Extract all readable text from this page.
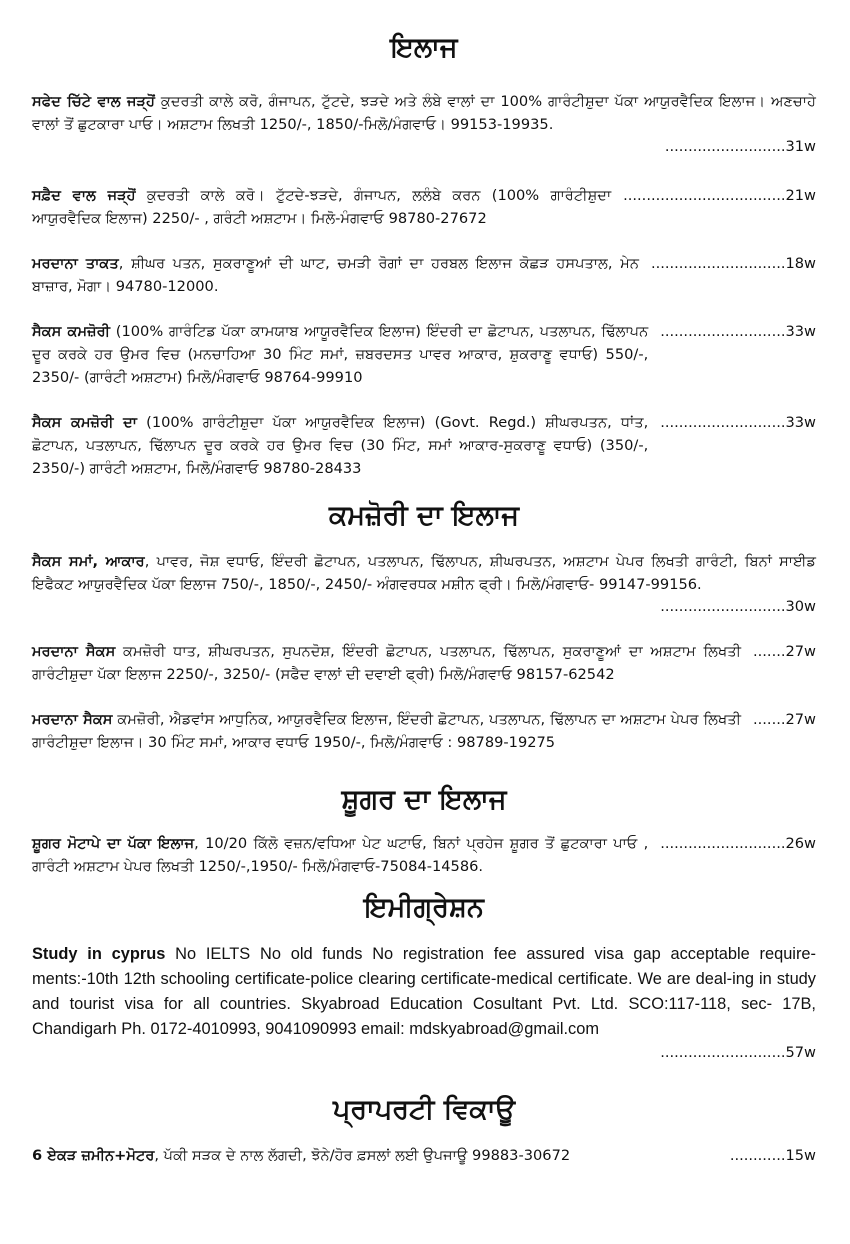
ਇਲਾਜ

ਸਫੇਦ ਚਿੱਟੇ ਵਾਲ ਜੜ੍ਹੋਂ ਕੁਦਰਤੀ ਕਾਲੇ ਕਰੋ, ਗੰਜਾਪਨ, ਟੁੱਟਦੇ, ਝੜਦੇ ਅਤੇ ਲੰਬੇ ਵਾਲਾਂ ਦਾ 100% ਗਾਰੰਟੀਸ਼ੁਦਾ ਪੱਕਾ ਆਯੁਰਵੈਦਿਕ ਇਲਾਜ। ਅਣਚਾਹੇ ਵਾਲਾਂ ਤੋਂ ਛੁਟਕਾਰਾ ਪਾਓ। ਅਸ਼ਟਾਮ ਲਿਖਤੀ 1250/-, 1850/-ਮਿਲੋ/ਮੰਗਵਾਓ। 99153-19935.

..........................31w

ਸਫ਼ੈਦ ਵਾਲ ਜੜ੍ਹੋਂ ਕੁਦਰਤੀ ਕਾਲੇ ਕਰੋ। ਟੁੱਟਦੇ-ਝੜਦੇ, ਗੰਜਾਪਨ, ਲਲੰਬੇ ਕਰਨ (100% ਗਾਰੰਟੀਸ਼ੁਦਾ ਆਯੁਰਵੈਦਿਕ ਇਲਾਜ) 2250/- , ਗਰੰਟੀ ਅਸ਼ਟਾਮ। ਮਿਲੋ-ਮੰਗਵਾਓ 98780-27672

...................................21w

ਮਰਦਾਨਾ ਤਾਕਤ, ਸ਼ੀਘਰ ਪਤਨ, ਸੁਕਰਾਣੂਆਂ ਦੀ ਘਾਟ, ਚਮੜੀ ਰੋਗਾਂ ਦਾ ਹਰਬਲ ਇਲਾਜ ਕੋਛੜ ਹਸਪਤਾਲ, ਮੇਨ ਬਾਜ਼ਾਰ, ਮੋਗਾ। 94780-12000.

.............................18w

ਸੈਕਸ ਕਮਜ਼ੋਰੀ (100% ਗਾਰੰਟਿਡ ਪੱਕਾ ਕਾਮਯਾਬ ਆਯੂਰਵੈਦਿਕ ਇਲਾਜ) ਇੰਦਰੀ ਦਾ ਛੋਟਾਪਨ, ਪਤਲਾਪਨ, ਢਿੱਲਾਪਨ ਦੂਰ ਕਰਕੇ ਹਰ ਉਮਰ ਵਿਚ (ਮਨਚਾਹਿਆ 30 ਮਿੰਟ ਸਮਾਂ, ਜ਼ਬਰਦਸਤ ਪਾਵਰ ਆਕਾਰ, ਸ਼ੁਕਰਾਣੂ ਵਧਾਓ) 550/-, 2350/- (ਗਾਰੰਟੀ ਅਸ਼ਟਾਮ) ਮਿਲੋ/ਮੰਗਵਾਓ 98764-99910

...........................33w

ਸੈਕਸ ਕਮਜ਼ੋਰੀ ਦਾ (100% ਗਾਰੰਟੀਸ਼ੁਦਾ ਪੱਕਾ ਆਯੁਰਵੈਦਿਕ ਇਲਾਜ) (Govt. Regd.) ਸ਼ੀਘਰਪਤਨ, ਧਾਂਤ, ਛੋਟਾਪਨ, ਪਤਲਾਪਨ, ਢਿੱਲਾਪਨ ਦੂਰ ਕਰਕੇ ਹਰ ਉਮਰ ਵਿਚ (30 ਮਿੰਟ, ਸਮਾਂ ਆਕਾਰ-ਸੁਕਰਾਣੂ ਵਧਾਓ) (350/-, 2350/-) ਗਾਰੰਟੀ ਅਸ਼ਟਾਮ, ਮਿਲੋ/ਮੰਗਵਾਓ 98780-28433

...........................33w
ਕਮਜ਼ੋਰੀ ਦਾ ਇਲਾਜ

ਸੈਕਸ ਸਮਾਂ, ਆਕਾਰ, ਪਾਵਰ, ਜੋਸ਼ ਵਧਾਓ, ਇੰਦਰੀ ਛੋਟਾਪਨ, ਪਤਲਾਪਨ, ਢਿੱਲਾਪਨ, ਸ਼ੀਘਰਪਤਨ, ਅਸ਼ਟਾਮ ਪੇਪਰ ਲਿਖਤੀ ਗਾਰੰਟੀ, ਬਿਨਾਂ ਸਾਈਡ ਇਫੈਕਟ ਆਯੁਰਵੈਦਿਕ ਪੱਕਾ ਇਲਾਜ 750/-, 1850/-, 2450/- ਅੰਗਵਰਧਕ ਮਸ਼ੀਨ ਫ੍ਰੀ। ਮਿਲੋ/ਮੰਗਵਾਓ- 99147-99156.

...........................30w

ਮਰਦਾਨਾ ਸੈਕਸ ਕਮਜ਼ੋਰੀ ਧਾਤ, ਸ਼ੀਘਰਪਤਨ, ਸੁਪਨਦੋਸ਼, ਇੰਦਰੀ ਛੋਟਾਪਨ, ਪਤਲਾਪਨ, ਢਿੱਲਾਪਨ, ਸੁਕਰਾਣੂਆਂ ਦਾ ਅਸ਼ਟਾਮ ਲਿਖਤੀ ਗਾਰੰਟੀਸ਼ੁਦਾ ਪੱਕਾ ਇਲਾਜ 2250/-, 3250/- (ਸਫੈਦ ਵਾਲਾਂ ਦੀ ਦਵਾਈ ਫ੍ਰੀ) ਮਿਲੋ/ਮੰਗਵਾਓ 98157-62542

.......27w

ਮਰਦਾਨਾ ਸੈਕਸ ਕਮਜ਼ੋਰੀ, ਐਡਵਾਂਸ ਆਧੁਨਿਕ, ਆਯੁਰਵੈਦਿਕ ਇਲਾਜ, ਇੰਦਰੀ ਛੋਟਾਪਨ, ਪਤਲਾਪਨ, ਢਿੱਲਾਪਨ ਦਾ ਅਸ਼ਟਾਮ ਪੇਪਰ ਲਿਖਤੀ ਗਾਰੰਟੀਸ਼ੁਦਾ ਇਲਾਜ। 30 ਮਿੰਟ ਸਮਾਂ, ਆਕਾਰ ਵਧਾਓ 1950/-, ਮਿਲੋ/ਮੰਗਵਾਓ : 98789-19275

.......27w
ਸ਼ੂਗਰ ਦਾ ਇਲਾਜ

ਸ਼ੂਗਰ ਮੋਟਾਪੇ ਦਾ ਪੱਕਾ ਇਲਾਜ, 10/20 ਕਿੱਲੋ ਵਜ਼ਨ/ਵਧਿਆ ਪੇਟ ਘਟਾਓ, ਬਿਨਾਂ ਪ੍ਰਹੇਜ ਸ਼ੂਗਰ ਤੋਂ ਛੁਟਕਾਰਾ ਪਾਓ , ਗਾਰੰਟੀ ਅਸ਼ਟਾਮ ਪੇਪਰ ਲਿਖਤੀ 1250/-,1950/- ਮਿਲੋ/ਮੰਗਵਾਓ-75084-14586.

...........................26w
ਇਮੀਗ੍ਰੇਸ਼ਨ

Study in cyprus No IELTS No old funds No registration fee assured visa gap acceptable require-ments:-10th 12th schooling certificate-police clearing certificate-medical certificate. We are deal-ing in study and tourist visa for all countries. Skyabroad Education Cosultant Pvt. Ltd. SCO:117-118, sec- 17B, Chandigarh Ph. 0172-4010993, 9041090993 email: mdskyabroad@gmail.com

...........................57w

ਪ੍ਰਾਪਰਟੀ ਵਿਕਾਊ

6 ਏਕੜ ਜ਼ਮੀਨ+ਮੋਟਰ, ਪੱਕੀ ਸੜਕ ਦੇ ਨਾਲ ਲੱਗਦੀ, ਝੋਨੇ/ਹੋਰ ਫ਼ਸਲਾਂ ਲਈ ਉਪਜਾਊ 99883-30672	............15w
